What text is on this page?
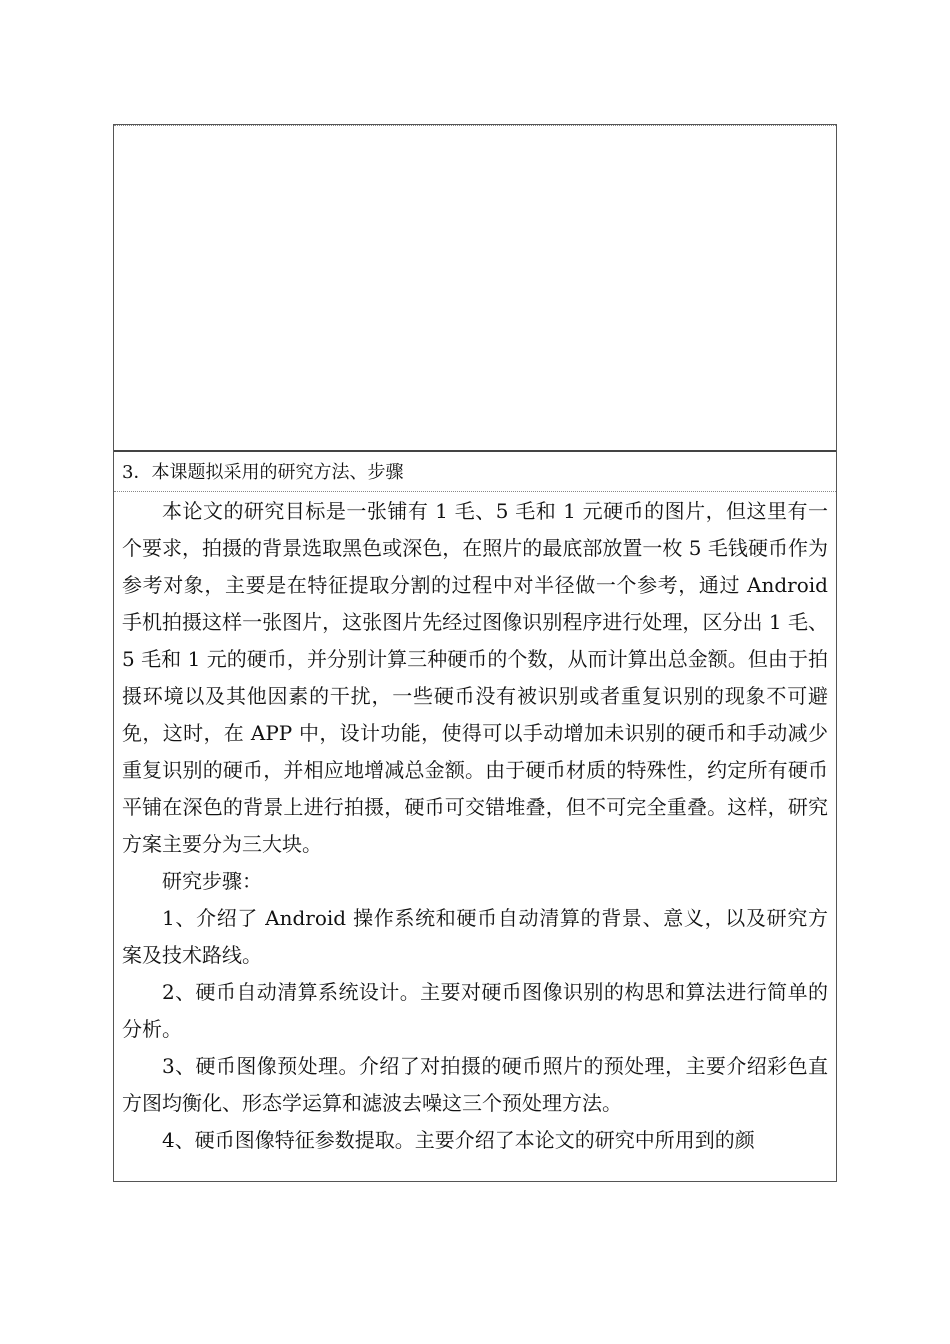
3．本课题拟采用的研究方法、步骤

本论文的研究目标是一张铺有 1 毛、5 毛和 1 元硬币的图片，但这里有一个要求，拍摄的背景选取黑色或深色，在照片的最底部放置一枚 5 毛钱硬币作为参考对象，主要是在特征提取分割的过程中对半径做一个参考，通过 Android 手机拍摄这样一张图片，这张图片先经过图像识别程序进行处理，区分出 1 毛、5 毛和 1 元的硬币，并分别计算三种硬币的个数，从而计算出总金额。但由于拍摄环境以及其他因素的干扰，一些硬币没有被识别或者重复识别的现象不可避免，这时，在 APP 中，设计功能，使得可以手动增加未识别的硬币和手动减少重复识别的硬币，并相应地增减总金额。由于硬币材质的特殊性，约定所有硬币平铺在深色的背景上进行拍摄，硬币可交错堆叠，但不可完全重叠。这样，研究方案主要分为三大块。

研究步骤：

1、介绍了 Android 操作系统和硬币自动清算的背景、意义，以及研究方案及技术路线。

2、硬币自动清算系统设计。主要对硬币图像识别的构思和算法进行简单的分析。

3、硬币图像预处理。介绍了对拍摄的硬币照片的预处理，主要介绍彩色直方图均衡化、形态学运算和滤波去噪这三个预处理方法。

4、硬币图像特征参数提取。主要介绍了本论文的研究中所用到的颜
